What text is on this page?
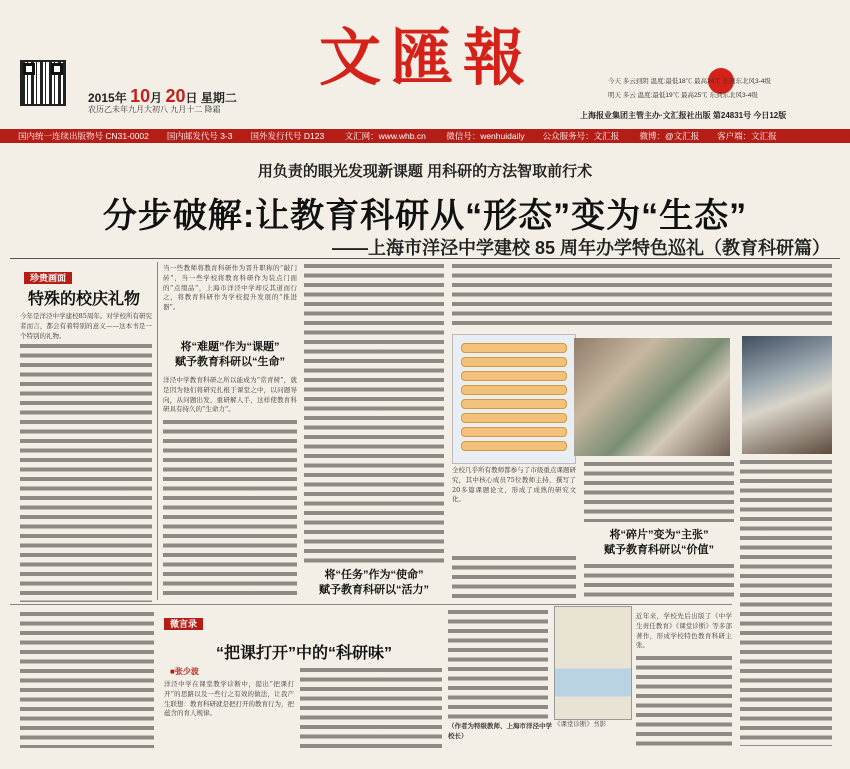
文匯報
2015年 10月 20日 星期二
农历乙未年九月大初八 九月十二 降霜
今天 多云到阴 温度:最低18℃ 最高24℃ 东到东北风3-4级
明天 多云 温度:最低19℃ 最高25℃ 东到东北风3-4级
上海报业集团主管主办·文汇报社出版 第24831号 今日12版
国内统一连续出版物号 CN31-0002 国内邮发代号 3-3 国外发行代号 D123 文汇网：www.whb.cn 微信号：wenhuidaily 公众服务号：文汇报 微博：@文汇报 客户端：文汇报
用负责的眼光发现新课题 用科研的方法智取前行术
分步破解:让教育科研从“形态”变为“生态”
——上海市洋泾中学建校 85 周年办学特色巡礼（教育科研篇）
珍贵画面
特殊的校庆礼物
今年是洋泾中学建校85周年。对学校所有研究者而言，都会有着特别的意义——这本书是一个特别的礼物。
当一些教师将教育科研作为晋升职称的“敲门砖”，当一些学校将教育科研作为装点门面的“点缀品”，上海市洋泾中学却反其道而行之，将教育科研作为学校提升发展的“推进器”。
将“难题”作为“课题”
赋予教育科研以“生命”
洋泾中学教育科研之所以能成为“常青树”，就是因为他们将研究扎根于课堂之中，以问题导向，从问题出发，重研解人手，这样使教育科研具有持久的“生命力”。
将“任务”作为“使命”
赋予教育科研以“活力”
全校几乎所有教师都参与了市级重点课题研究，其中核心成员75位教师主持，撰写了20多篇课题论文，形成了成熟的研究文化。
将“碎片”变为“主张”
赋予教育科研以“价值”
微言录
“把课打开”中的“科研味”
■张少波
洋泾中学在课堂教学诊断中，提出“把课打开”的思路以及一些行之有效的做法，让我产生联想：教育科研就是把打开的教育行为，把蕴含的育人规律。
（作者为特级教师、上海市洋泾中学校长）
《课堂诊断》书影
近年来，学校先后出版了《中学生责任教育》《课堂诊断》等多部著作，形成学校特色教育科研主张。
